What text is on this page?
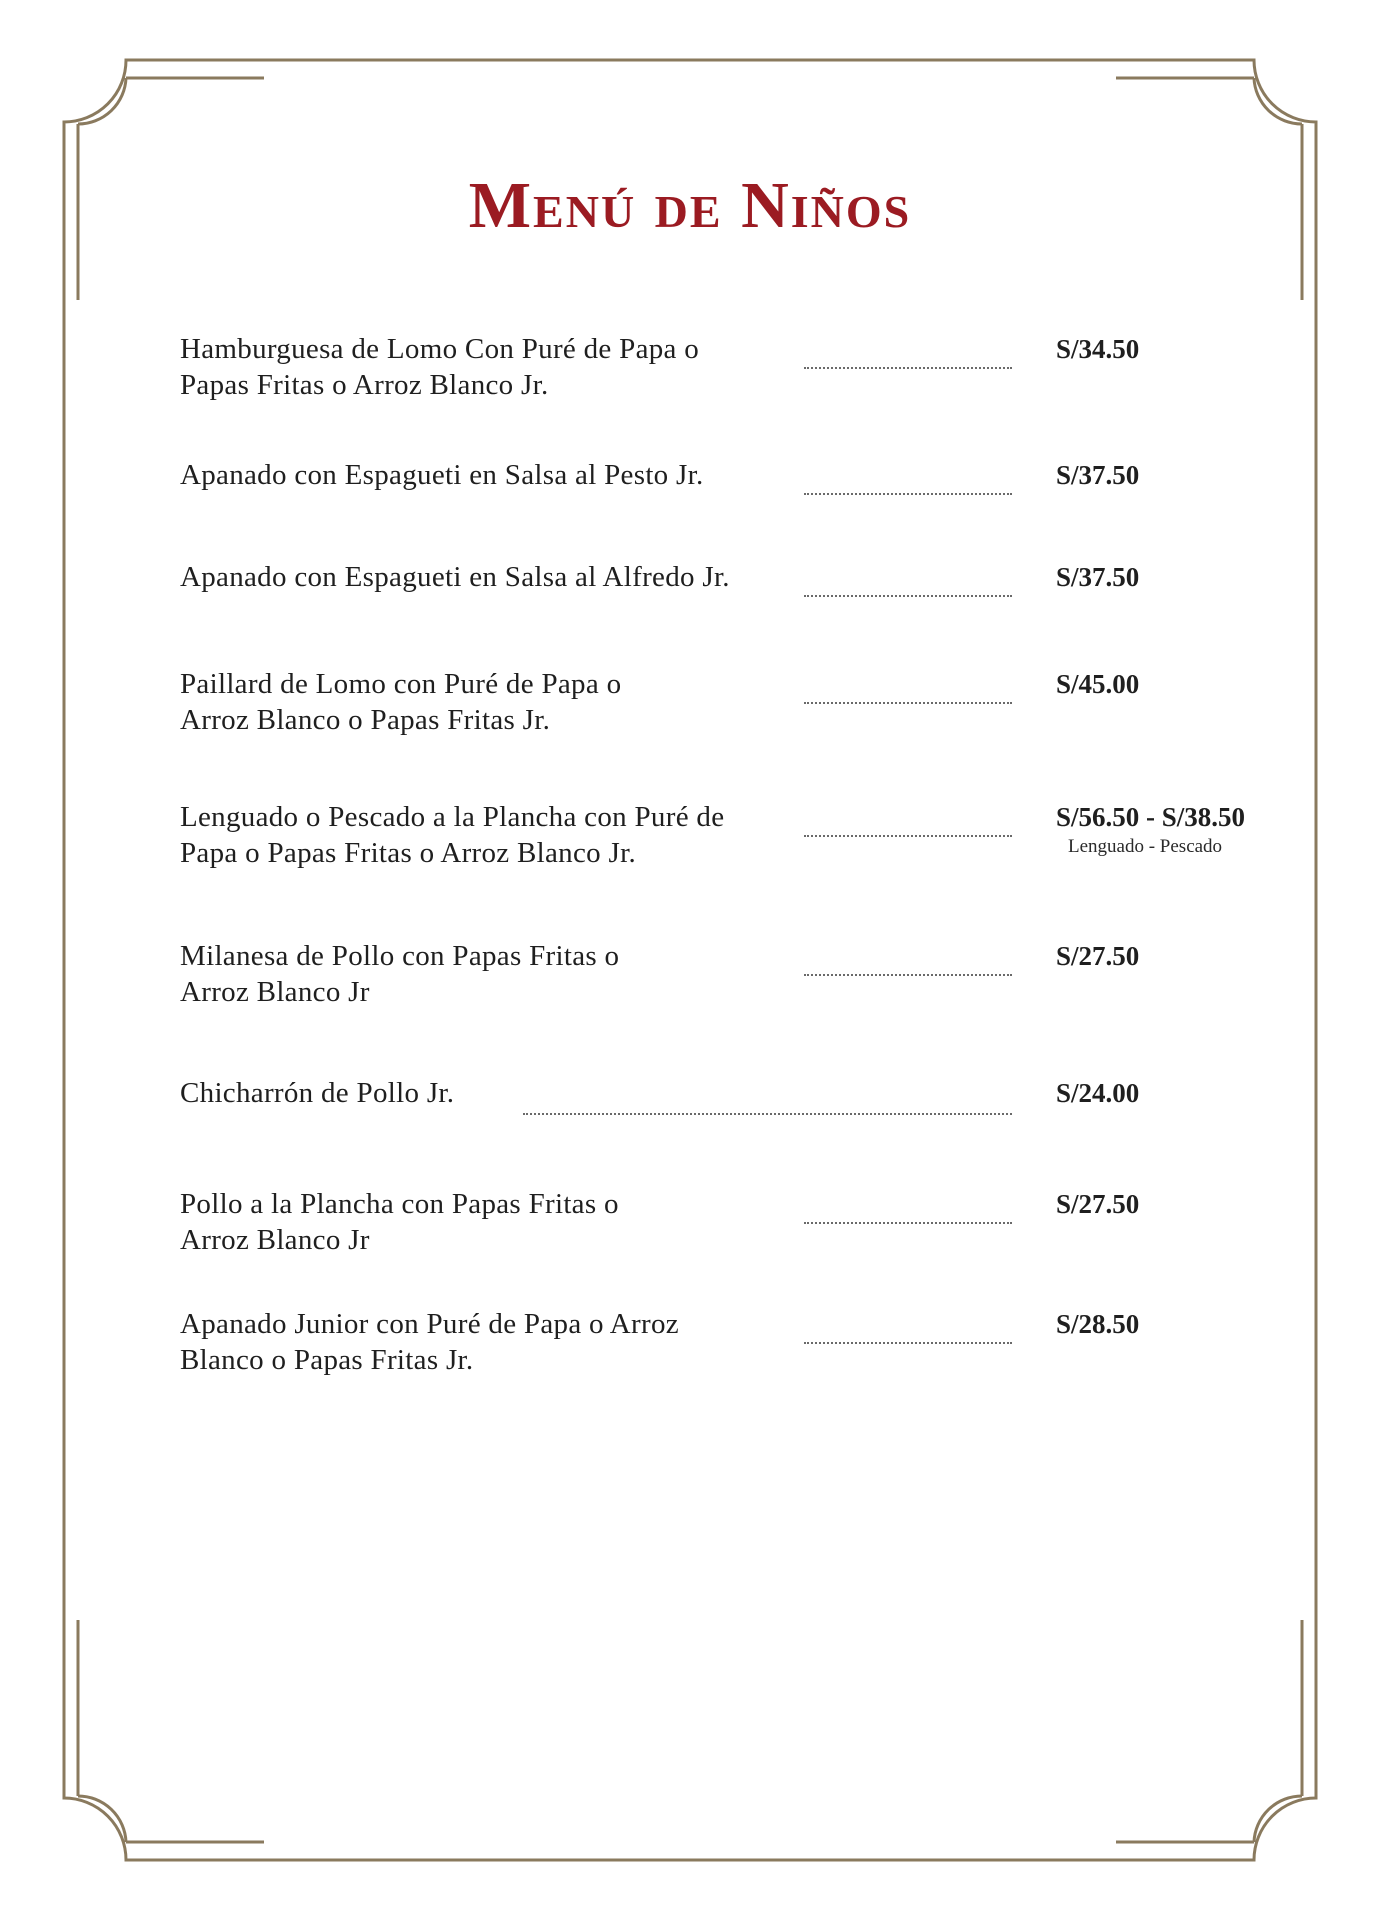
Menú de Niños
Hamburguesa de Lomo Con Puré de Papa o
Papas Fritas o Arroz Blanco Jr.
S/34.50
Apanado con Espagueti en Salsa al Pesto Jr.	S/37.50
Apanado con Espagueti en Salsa al Alfredo Jr.	S/37.50
Paillard de Lomo con Puré de Papa o
Arroz Blanco o Papas Fritas Jr.
S/45.00
Lenguado o Pescado a la Plancha con Puré de
Papa o Papas Fritas o Arroz Blanco Jr.
S/56.50 - S/38.50
Lenguado - Pescado
Milanesa de Pollo con Papas Fritas o
Arroz Blanco Jr
S/27.50
Chicharrón de Pollo Jr.	S/24.00
Pollo a la Plancha con Papas Fritas o
Arroz Blanco Jr
S/27.50
Apanado Junior con Puré de Papa o Arroz
Blanco o Papas Fritas Jr.
S/28.50
